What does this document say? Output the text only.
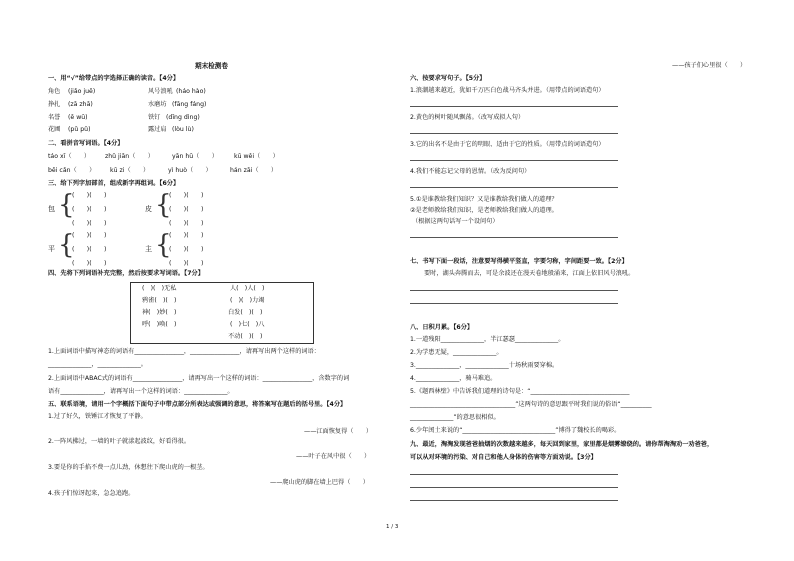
期末检测卷	——孩子们心里很（　　）
一、用“√”给带点的字选择正确的读音。【4分】
角色 (jiǎo juē)	风号浪吼 (háo hào)
挣扎 (zā zhā)	水磨坊 (fāng fáng)
名誉 (ē wū)	铁钉 (dīng dìng)
花圃 (pǔ pǔ)	露过肩 (lòu lù)
二、看拼音写词语。【4分】
táo xī（　　） zhǔ jiān（　　）	yān hū（　　）	kū wěi（　　）
bēi cǎn（　　） kū zi（　　）	yì huò（　　）	hán zāi（　　）
三、给下列字加部首，组成新字再组词。【6分】
包 {
(　　)(　　)
(　　)(　　)
(　　)(　　)
皮 {
(　　)(　　)
(　　)(　　)
(　　)(　　)
平 {
(　　)(　　)
(　　)(　　)
(　　)(　　)
主 {
(　　)(　　)
(　　)(　　)
(　　)(　　)
四、先将下列词语补充完整，然后按要求写词语。【7分】
(　)(　)无私	人(　)人(　)
鸦雀(　)(　)	(　)(　)力竭
神(　)妙(　)	白发(　)(　)
呼(　)唤(　)	(　)七(　)八
不动(　)(　)
1.上面词语中描写神态的词语有________________，________________，请再写出两个这样的词语：
______________，______________。
2.上面词语中ABAC式的词语有________________，请再写出一个这样的词语：________________，含数字的词
语有______________，请再写出一个这样的词语：______________。
五、联系语境，请用一个字概括下面句子中带点部分所表达或强调的意思，将答案写在题后的括号里。【4分】
1.过了好久，铁锤江才恢复了平静。
——江面恢复得（　　）
2.一阵风拂过，一墙的叶子就漾起波纹，好看得很。
——叶子在风中很（　　）
3.要是你的手掐不费一点儿劲，休想往下爬山虎的一根茎。
——爬山虎的脚在墙上巴得（　　）
4.孩子们惊讶起来，急急追跑。
六、按要求写句子。【5分】
1.浪潮越来越近，犹如千万匹白色战马齐头并进。（用带点的词语造句）
2.黄色的树叶随风飘荡。（改写成拟人句）
3.它的出名不是由于它的明眼、适由于它的性质。（用带点的词语造句）
4.我们不能忘记父母的恩情。（改为反问句）
5.①是谁教给我们知识？又是谁教给我们做人的道理？
②是老师教给我们知识，是老师教给我们做人的道理。
（根据这两句话写一个设问句）
七、书写下面一段话，注意要写得横平竖直，字要匀称，字间距要一致。【2分】
要时，湖头奔腾而去，可是余波还在漫天卷地般涌来，江面上依旧风号浪吼。
八、日积月累。【6分】
1.一道残阳______________，半江瑟瑟______________。
2.为学患无疑，______________。
3.______________，______________十场秋雨要穿棉。
4.______________，骑马难追。
5.《题西林壁》中告诉我们道理的诗句是：“________________________________
__________________________________”这两句诗的意思跟平时我们说的俗语“__________
______________”的意思很相似。
6.少年闰土来说的“______________________________”博得了魏校长的喝彩。
九、最近，淘淘发现爸爸抽烟的次数越来越多，每天回到家里，家里都是烟雾缭绕的。请你帮淘淘劝一劝爸爸，
可以从对环境的污染、对自己和他人身体的伤害等方面劝说。【3分】
1 / 3
